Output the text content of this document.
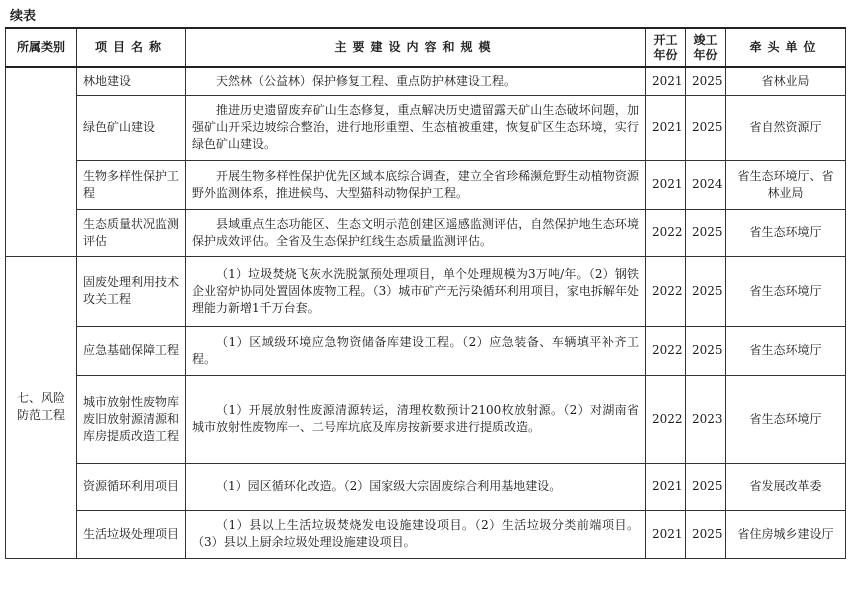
续表
所属类别	项目名称	主要建设内容和规模	开工年份	竣工年份	牵头单位
	林地建设	天然林（公益林）保护修复工程、重点防护林建设工程。	2021	2025	省林业局
	绿色矿山建设	推进历史遗留废弃矿山生态修复，重点解决历史遗留露天矿山生态破坏问题，加强矿山开采边坡综合整治，进行地形重塑、生态植被重建，恢复矿区生态环境，实行绿色矿山建设。	2021	2025	省自然资源厅
	生物多样性保护工程	开展生物多样性保护优先区域本底综合调查，建立全省珍稀濒危野生动植物资源野外监测体系，推进候鸟、大型猫科动物保护工程。	2021	2024	省生态环境厅、省林业局
	生态质量状况监测评估	县域重点生态功能区、生态文明示范创建区遥感监测评估，自然保护地生态环境保护成效评估。全省及生态保护红线生态质量监测评估。	2022	2025	省生态环境厅
七、风险防范工程	固废处理利用技术攻关工程	（1）垃圾焚烧飞灰水洗脱氯预处理项目，单个处理规模为3万吨/年。（2）钢铁企业窑炉协同处置固体废物工程。（3）城市矿产无污染循环利用项目，家电拆解年处理能力新增1千万台套。	2022	2025	省生态环境厅
	应急基础保障工程	（1）区域级环境应急物资储备库建设工程。（2）应急装备、车辆填平补齐工程。	2022	2025	省生态环境厅
	城市放射性废物库废旧放射源清源和库房提质改造工程	（1）开展放射性废源清源转运，清理枚数预计2100枚放射源。（2）对湖南省城市放射性废物库一、二号库坑底及库房按新要求进行提质改造。	2022	2023	省生态环境厅
	资源循环利用项目	（1）园区循环化改造。（2）国家级大宗固废综合利用基地建设。	2021	2025	省发展改革委
	生活垃圾处理项目	（1）县以上生活垃圾焚烧发电设施建设项目。（2）生活垃圾分类前端项目。（3）县以上厨余垃圾处理设施建设项目。	2021	2025	省住房城乡建设厅
